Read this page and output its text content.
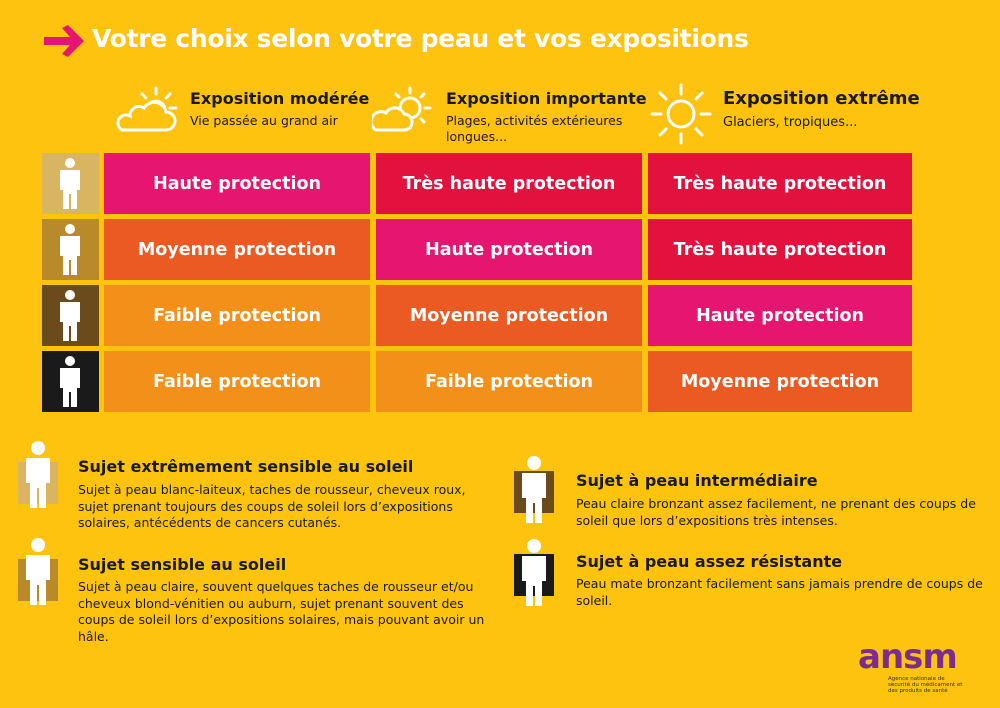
Votre choix selon votre peau et vos expositions
Exposition modérée
Vie passée au grand air
Exposition importante
Plages, activités extérieures longues...
Exposition extrême
Glaciers, tropiques...
Haute protection	Très haute protection	Très haute protection
Moyenne protection	Haute protection	Très haute protection
Faible protection	Moyenne protection	Haute protection
Faible protection	Faible protection	Moyenne protection
Sujet extrêmement sensible au soleil
Sujet à peau blanc-laiteux, taches de rousseur, cheveux roux, sujet prenant toujours des coups de soleil lors d’expositions solaires, antécédents de cancers cutanés.
Sujet sensible au soleil
Sujet à peau claire, souvent quelques taches de rousseur et/ou cheveux blond-vénitien ou auburn, sujet prenant souvent des coups de soleil lors d’expositions solaires, mais pouvant avoir un hâle.
Sujet à peau intermédiaire
Peau claire bronzant assez facilement, ne prenant des coups de soleil que lors d’expositions très intenses.
Sujet à peau assez résistante
Peau mate bronzant facilement sans jamais prendre de coups de soleil.
ansm
Agence nationale de sécurité du médicament et des produits de santé
